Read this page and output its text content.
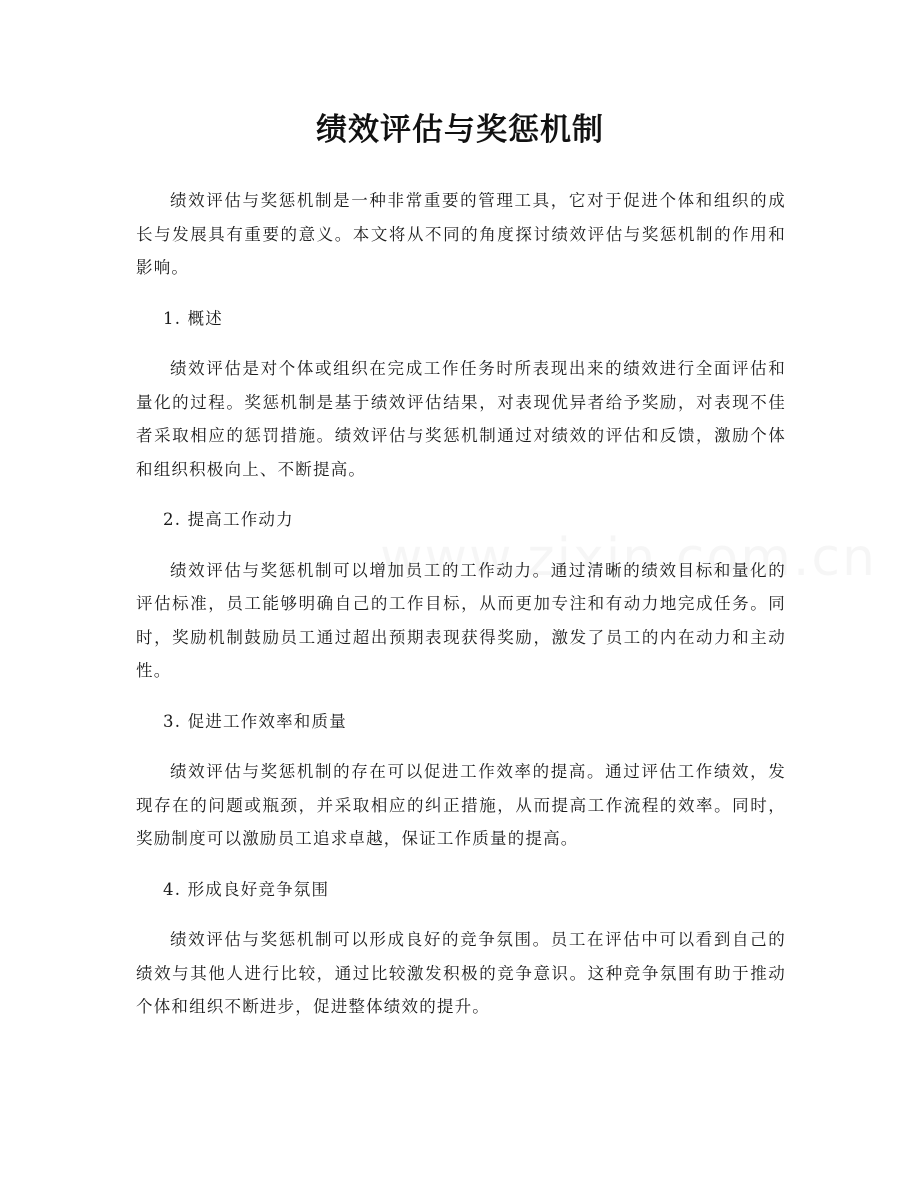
绩效评估与奖惩机制

绩效评估与奖惩机制是一种非常重要的管理工具，它对于促进个体和组织的成长与发展具有重要的意义。本文将从不同的角度探讨绩效评估与奖惩机制的作用和影响。

1. 概述

绩效评估是对个体或组织在完成工作任务时所表现出来的绩效进行全面评估和量化的过程。奖惩机制是基于绩效评估结果，对表现优异者给予奖励，对表现不佳者采取相应的惩罚措施。绩效评估与奖惩机制通过对绩效的评估和反馈，激励个体和组织积极向上、不断提高。

2. 提高工作动力

绩效评估与奖惩机制可以增加员工的工作动力。通过清晰的绩效目标和量化的评估标准，员工能够明确自己的工作目标，从而更加专注和有动力地完成任务。同时，奖励机制鼓励员工通过超出预期表现获得奖励，激发了员工的内在动力和主动性。

3. 促进工作效率和质量

绩效评估与奖惩机制的存在可以促进工作效率的提高。通过评估工作绩效，发现存在的问题或瓶颈，并采取相应的纠正措施，从而提高工作流程的效率。同时，奖励制度可以激励员工追求卓越，保证工作质量的提高。

4. 形成良好竞争氛围

绩效评估与奖惩机制可以形成良好的竞争氛围。员工在评估中可以看到自己的绩效与其他人进行比较，通过比较激发积极的竞争意识。这种竞争氛围有助于推动个体和组织不断进步，促进整体绩效的提升。
